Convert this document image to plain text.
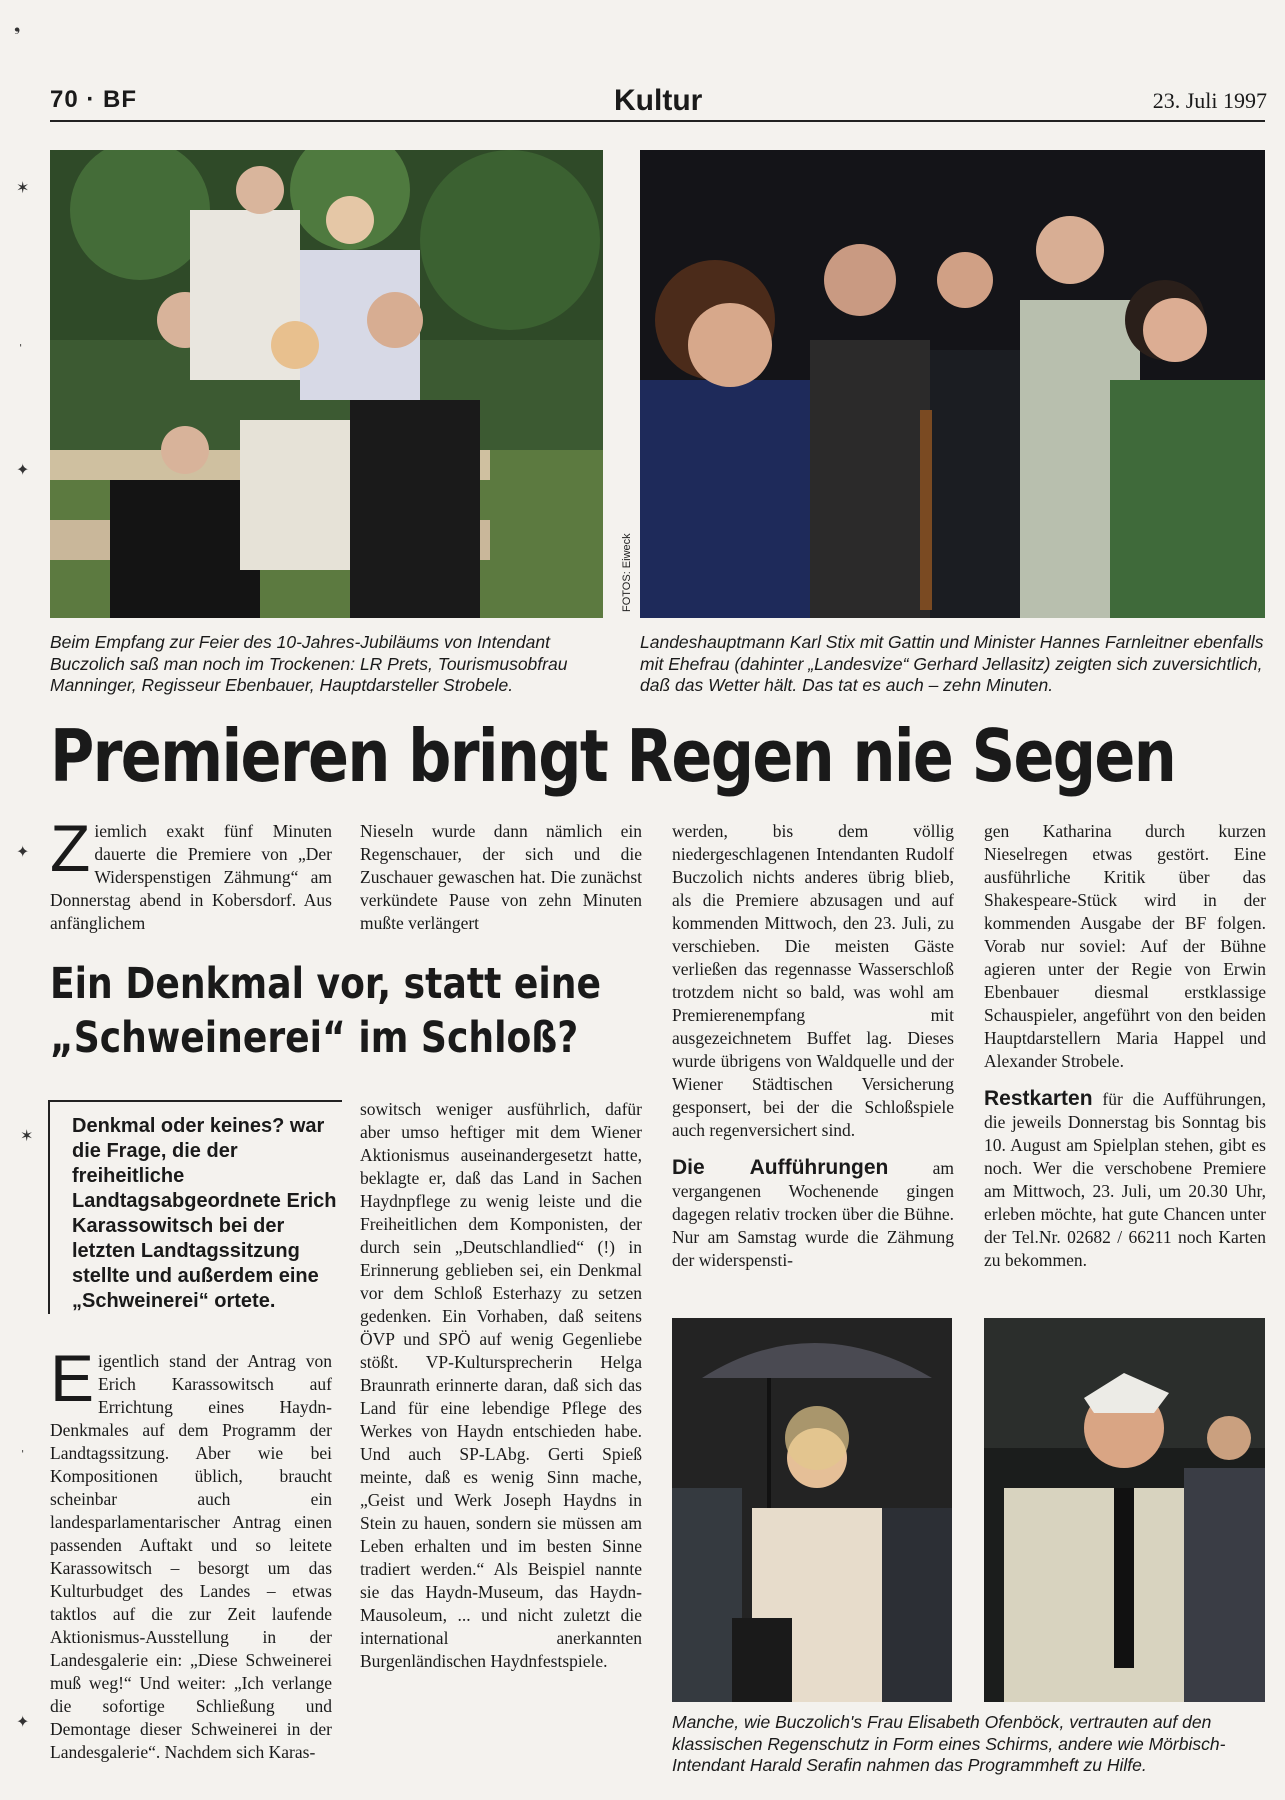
❟
✶
ˌ
✦
✦
✶
ˌ
✦
70 · BF	Kultur	23. Juli 1997
FOTOS: Eiweck
Beim Empfang zur Feier des 10-Jahres-Jubiläums von Intendant Buczolich saß man noch im Trockenen: LR Prets, Tourismusobfrau Manninger, Regisseur Ebenbauer, Hauptdarsteller Strobele.
Landeshauptmann Karl Stix mit Gattin und Minister Hannes Farnleitner ebenfalls mit Ehefrau (dahinter „Landesvize“ Gerhard Jellasitz) zeigten sich zuversichtlich, daß das Wetter hält. Das tat es auch – zehn Minuten.
Premieren bringt Regen nie Segen
Ziemlich exakt fünf Minuten dauerte die Premiere von „Der Widerspenstigen Zähmung“ am Donnerstag abend in Kobersdorf. Aus anfänglichem
Nieseln wurde dann nämlich ein Regenschauer, der sich und die Zuschauer gewaschen hat. Die zunächst verkündete Pause von zehn Minuten mußte verlängert
werden, bis dem völlig niedergeschlagenen Intendanten Rudolf Buczolich nichts anderes übrig blieb, als die Premiere abzusagen und auf kommenden Mittwoch, den 23. Juli, zu verschieben. Die meisten Gäste verließen das regennasse Wasserschloß trotzdem nicht so bald, was wohl am Premierenempfang mit ausgezeichnetem Buffet lag. Dieses wurde übrigens von Waldquelle und der Wiener Städtischen Versicherung gesponsert, bei der die Schloßspiele auch regenversichert sind.

Die Aufführungen	am vergangenen Wochenende gingen dagegen relativ trocken über die Bühne. Nur am Samstag wurde die Zähmung der widerspensti-
gen Katharina durch kurzen Nieselregen etwas gestört. Eine ausführliche Kritik über das Shakespeare-Stück wird in der kommenden Ausgabe der BF folgen. Vorab nur soviel: Auf der Bühne agieren unter der Regie von Erwin Ebenbauer diesmal erstklassige Schauspieler, angeführt von den beiden Hauptdarstellern Maria Happel und Alexander Strobele.

Restkarten für die Aufführungen, die jeweils Donnerstag bis Sonntag bis 10. August am Spielplan stehen, gibt es noch. Wer die verschobene Premiere am Mittwoch, 23. Juli, um 20.30 Uhr, erleben möchte, hat gute Chancen unter der Tel.Nr. 02682 / 66211 noch Karten zu bekommen.
Ein Denkmal vor, statt eine
„Schweinerei“ im Schloß?
Denkmal oder keines? war die Frage, die der freiheitliche Landtagsabgeordnete Erich Karassowitsch bei der letzten Landtagssitzung stellte und außerdem eine „Schweinerei“ ortete.
Eigentlich stand der Antrag von Erich Karassowitsch auf Errichtung eines Haydn-Denkmales auf dem Programm der Landtagssitzung. Aber wie bei Kompositionen üblich, braucht scheinbar auch ein landesparlamentarischer Antrag einen passenden Auftakt und so leitete Karassowitsch – besorgt um das Kulturbudget des Landes – etwas taktlos auf die zur Zeit laufende Aktionismus-Ausstellung in der Landesgalerie ein: „Diese Schweinerei muß weg!“ Und weiter: „Ich verlange die sofortige Schließung und Demontage dieser Schweinerei in der Landesgalerie“. Nachdem sich Karas-
sowitsch weniger ausführlich, dafür aber umso heftiger mit dem Wiener Aktionismus auseinandergesetzt hatte, beklagte er, daß das Land in Sachen Haydnpflege zu wenig leiste und die Freiheitlichen dem Komponisten, der durch sein „Deutschlandlied“ (!) in Erinnerung geblieben sei, ein Denkmal vor dem Schloß Esterhazy zu setzen gedenken. Ein Vorhaben, daß seitens ÖVP und SPÖ auf wenig Gegenliebe stößt. VP-Kultursprecherin Helga Braunrath erinnerte daran, daß sich das Land für eine lebendige Pflege des Werkes von Haydn entschieden habe. Und auch SP-LAbg. Gerti Spieß meinte, daß es wenig Sinn mache, „Geist und Werk Joseph Haydns in Stein zu hauen, sondern sie müssen am Leben erhalten und im besten Sinne tradiert werden.“ Als Beispiel nannte sie das Haydn-Museum, das Haydn-Mausoleum, ... und nicht zuletzt die international anerkannten Burgenländischen Haydnfestspiele.
Manche, wie Buczolich's Frau Elisabeth Ofenböck, vertrauten auf den klassischen Regenschutz in Form eines Schirms, andere wie Mörbisch-Intendant Harald Serafin nahmen das Programmheft zu Hilfe.
